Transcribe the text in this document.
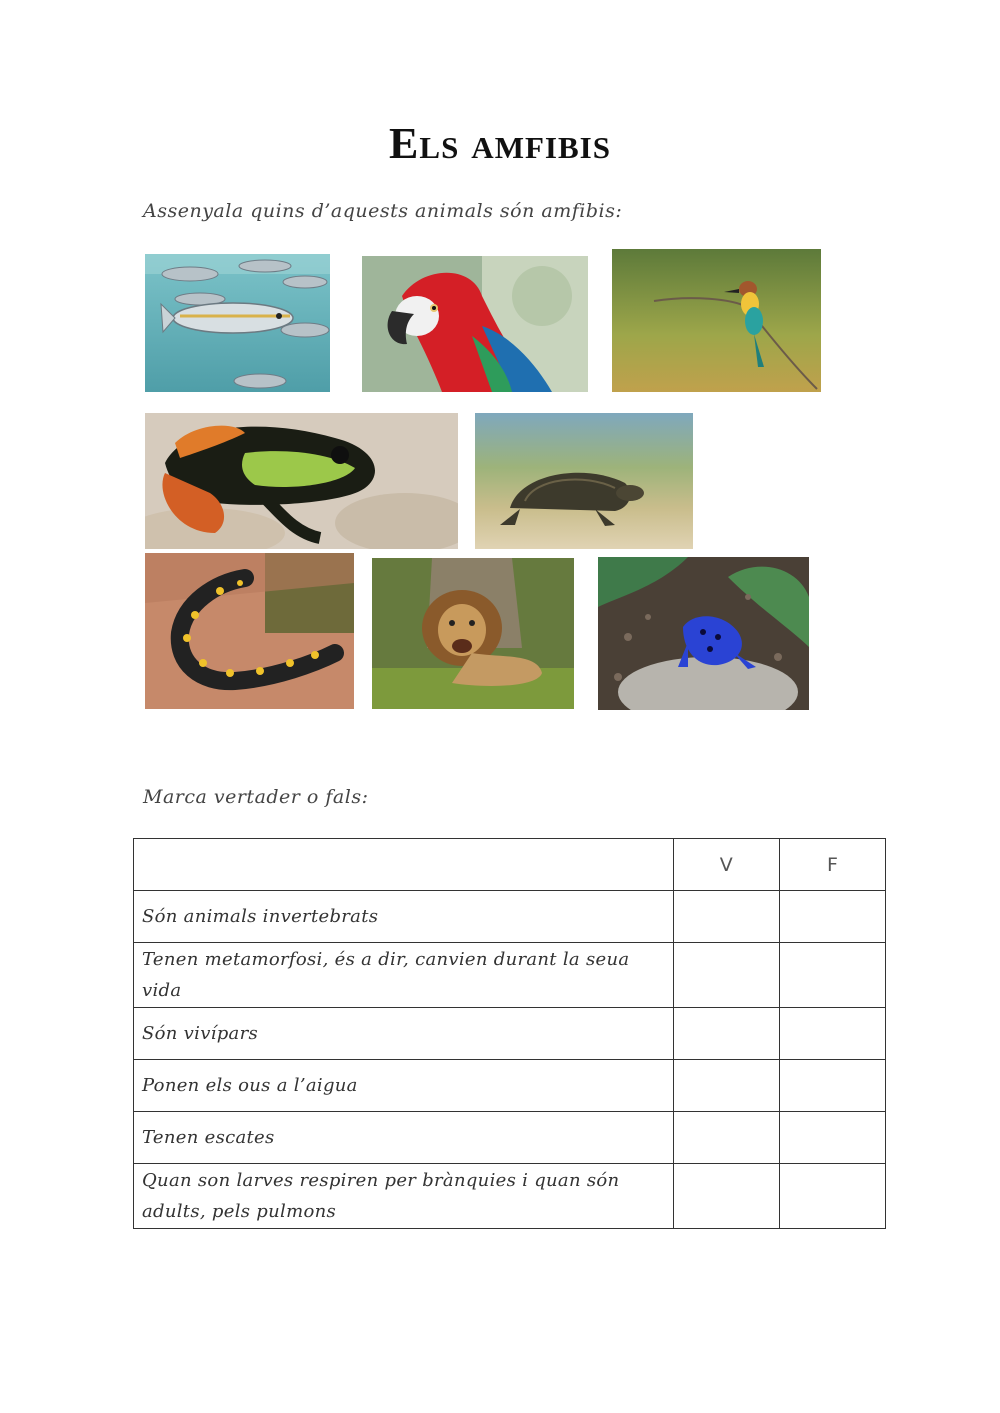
Els amfibis
Assenyala quins d’aquests animals són amfibis:
Marca vertader o fals:
	V	F
Són animals invertebrats		
Tenen metamorfosi, és a dir, canvien durant la seua vida		
Són vivípars		
Ponen els ous a l’aigua		
Tenen escates		
Quan son larves respiren per brànquies i quan són adults, pels pulmons		
